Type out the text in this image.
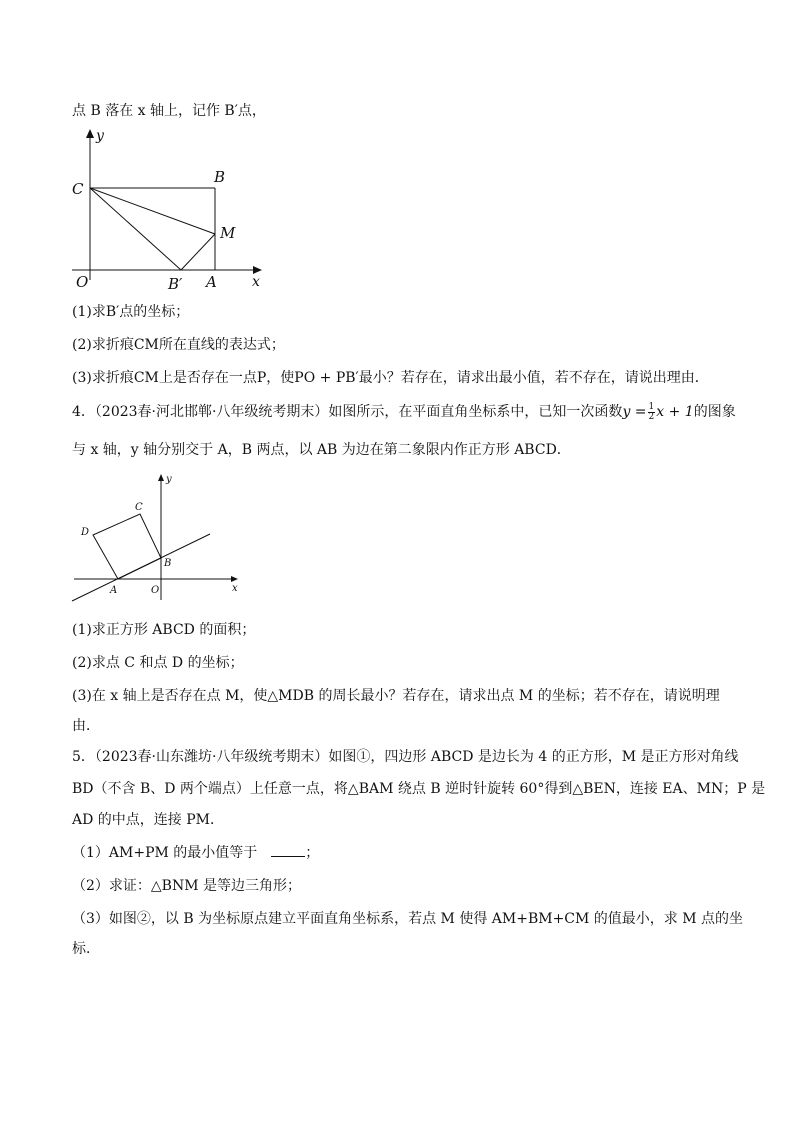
点 B 落在 x 轴上，记作 B′点，
y
x
C
B
M
O	B′ A
(1)求B′点的坐标；
(2)求折痕CM所在直线的表达式；
(3)求折痕CM上是否存在一点P，使PO + PB′最小？若存在，请求出最小值，若不存在，请说出理由．
4．（2023春·河北邯郸·八年级统考期末）如图所示，在平面直角坐标系中，已知一次函数$y = \frac{1}{2}$ x + 1的图象
与 x 轴，y 轴分别交于 A，B 两点，以 AB 为边在第二象限内作正方形 ABCD．
y
x
C
D
B
A	O
(1)求正方形 ABCD 的面积；
(2)求点 C 和点 D 的坐标；
(3)在 x 轴上是否存在点 M，使△MDB 的周长最小？若存在，请求出点 M 的坐标；若不存在，请说明理
由．
5．（2023春·山东潍坊·八年级统考期末）如图①，四边形 ABCD 是边长为 4 的正方形，M 是正方形对角线
BD（不含 B、D 两个端点）上任意一点，将△BAM 绕点 B 逆时针旋转 60°得到△BEN，连接 EA、MN；P 是
AD 的中点，连接 PM．
（1）AM+PM 的最小值等于 	；
（2）求证：△BNM 是等边三角形；
（3）如图②，以 B 为坐标原点建立平面直角坐标系，若点 M 使得 AM+BM+CM 的值最小，求 M 点的坐
标．
